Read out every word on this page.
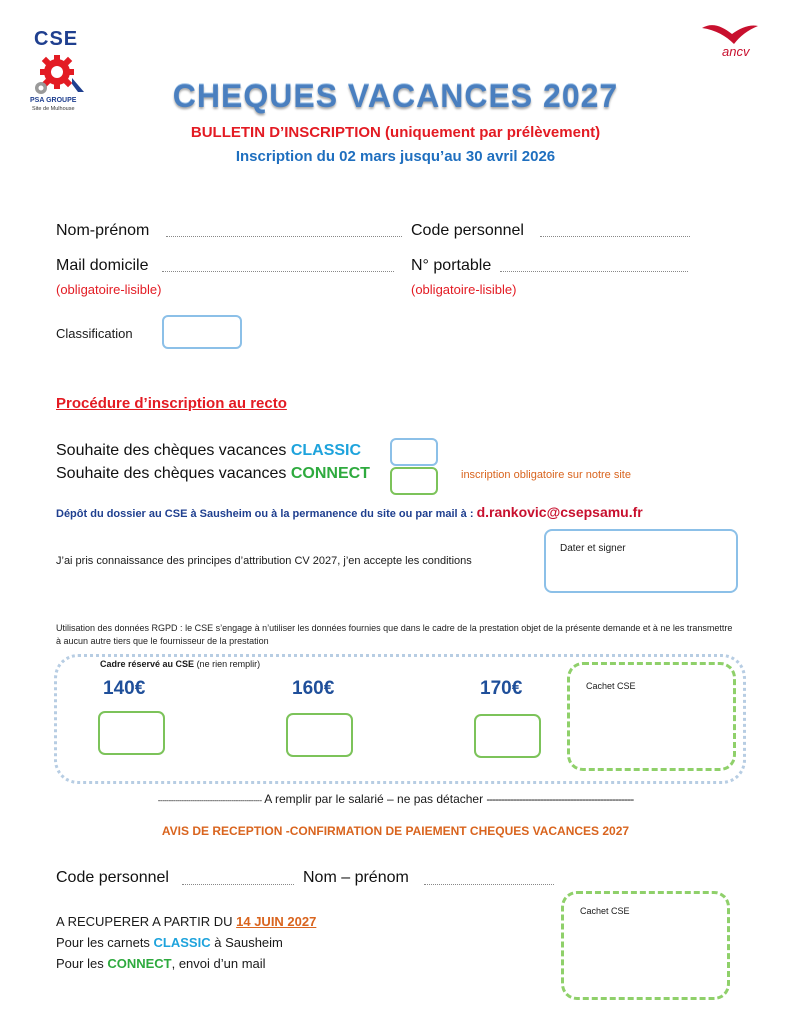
CSE
PSA GROUPE
Site de Mulhouse
ancv
CHEQUES VACANCES 2027
BULLETIN D’INSCRIPTION (uniquement par prélèvement)
Inscription du 02 mars jusqu’au 30 avril 2026
Nom-prénom	Code personnel
Mail domicile	N° portable
(obligatoire-lisible)	(obligatoire-lisible)
Classification
Procédure d’inscription au recto
Souhaite des chèques vacances CLASSIC
Souhaite des chèques vacances CONNECT	inscription obligatoire sur notre site
Dépôt du dossier au CSE à Sausheim ou à la permanence du site ou par mail à : d.rankovic@csepsamu.fr
J’ai pris connaissance des principes d’attribution CV 2027, j’en accepte les conditions
Dater et signer
Utilisation des données RGPD : le CSE s’engage à n’utiliser les données fournies que dans le cadre de la prestation objet de la présente demande et à ne les transmettre à aucun autre tiers que le fournisseur de la prestation
Cadre réservé au CSE (ne rien remplir)
140€	160€	170€	Cachet CSE
------------------------------------------------ A remplir par le salarié – ne pas détacher -------------------------------------------------
AVIS DE RECEPTION -CONFIRMATION DE PAIEMENT CHEQUES VACANCES 2027
Code personnel	Nom – prénom
A RECUPERER A PARTIR DU 14 JUIN 2027
Pour les carnets CLASSIC à Sausheim
Pour les CONNECT, envoi d’un mail
Cachet CSE
